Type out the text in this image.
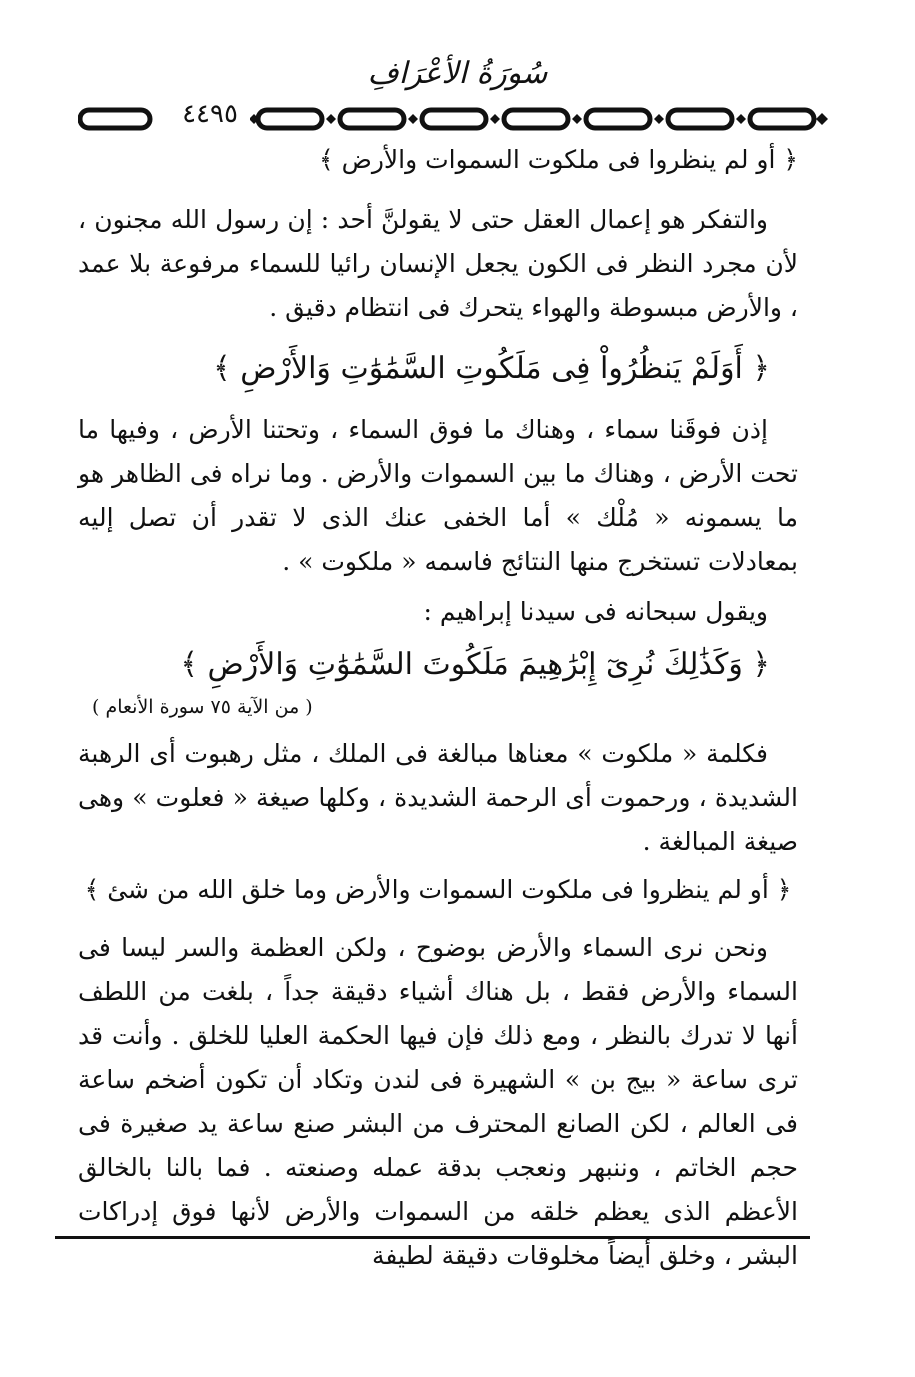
سُورَةُ الأعْرَافِ
٤٤٩٥

﴿ أو لم ينظروا فى ملكوت السموات والأرض ﴾

والتفكر هو إعمال العقل حتى لا يقولنَّ أحد : إن رسول الله مجنون ، لأن مجرد النظر فى الكون يجعل الإنسان رائيا للسماء مرفوعة بلا عمد ، والأرض مبسوطة والهواء يتحرك فى انتظام دقيق .

﴿ أَوَلَمْ يَنظُرُواْ فِى مَلَكُوتِ السَّمَٰوَٰتِ وَالأَرْضِ ﴾

إذن فوقَنا سماء ، وهناك ما فوق السماء ، وتحتنا الأرض ، وفيها ما تحت الأرض ، وهناك ما بين السموات والأرض . وما نراه فى الظاهر هو ما يسمونه « مُلْك » أما الخفى عنك الذى لا تقدر أن تصل إليه بمعادلات تستخرج منها النتائج فاسمه « ملكوت » .

ويقول سبحانه فى سيدنا إبراهيم :

﴿ وَكَذَٰلِكَ نُرِىٓ إِبْرَٰهِيمَ مَلَكُوتَ السَّمَٰوَٰتِ وَالأَرْضِ ﴾

( من الآية ٧٥ سورة الأنعام )

فكلمة « ملكوت » معناها مبالغة فى الملك ، مثل رهبوت أى الرهبة الشديدة ، ورحموت أى الرحمة الشديدة ، وكلها صيغة « فعلوت » وهى صيغة المبالغة .

﴿ أو لم ينظروا فى ملكوت السموات والأرض وما خلق الله من شئ ﴾

ونحن نرى السماء والأرض بوضوح ، ولكن العظمة والسر ليسا فى السماء والأرض فقط ، بل هناك أشياء دقيقة جداً ، بلغت من اللطف أنها لا تدرك بالنظر ، ومع ذلك فإن فيها الحكمة العليا للخلق . وأنت قد ترى ساعة « بيج بن » الشهيرة فى لندن وتكاد أن تكون أضخم ساعة فى العالم ، لكن الصانع المحترف من البشر صنع ساعة يد صغيرة فى حجم الخاتم ، وننبهر ونعجب بدقة عمله وصنعته . فما بالنا بالخالق الأعظم الذى يعظم خلقه من السموات والأرض لأنها فوق إدراكات البشر ، وخلق أيضاً مخلوقات دقيقة لطيفة
